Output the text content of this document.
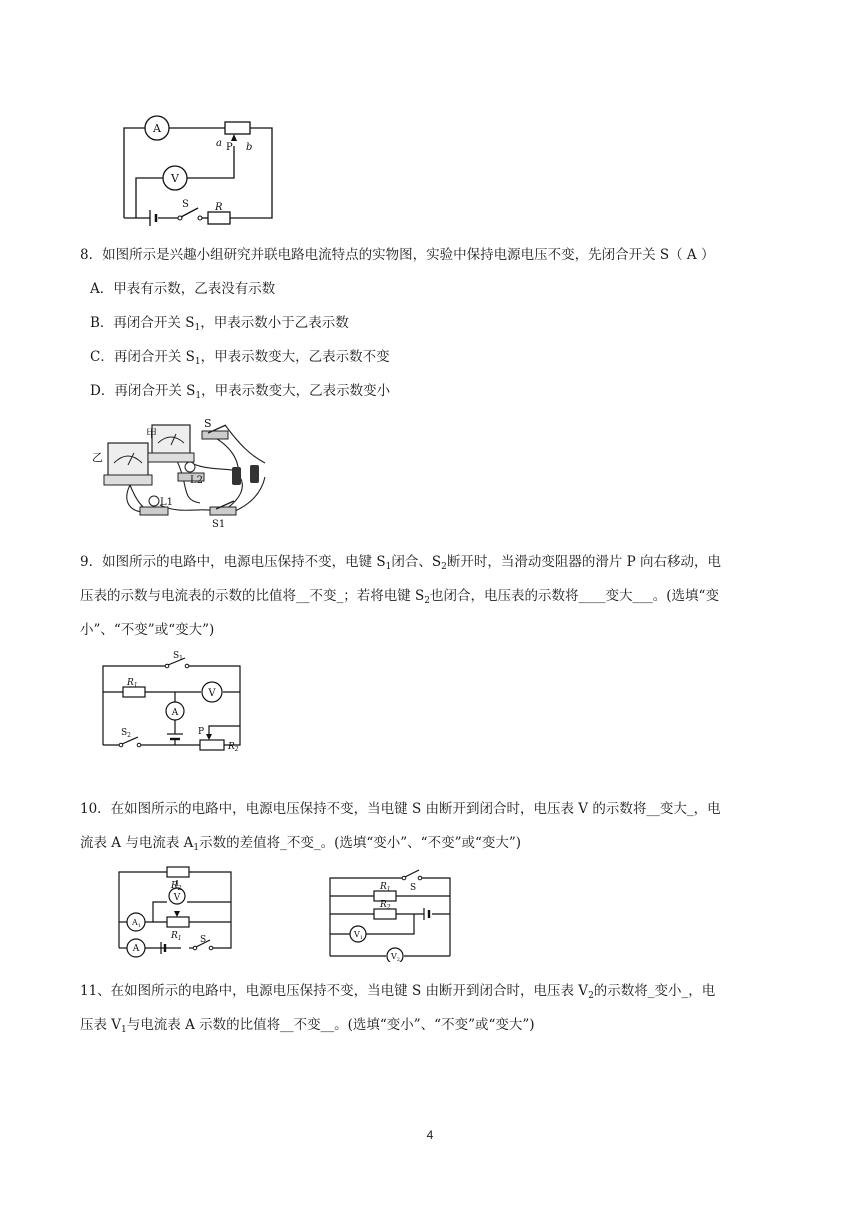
A
a P b
V
S	R
8．如图所示是兴趣小组研究并联电路电流特点的实物图，实验中保持电源电压不变，先闭合开关 S（ A ）
A．甲表有示数，乙表没有示数
B．再闭合开关 $S_1$，甲表示数小于乙表示数
C．再闭合开关 $S_1$，甲表示数变大，乙表示数不变
D．再闭合开关 $S_1$，甲表示数变大，乙表示数变小
甲
乙
S
L2
L1
S1
9．如图所示的电路中，电源电压保持不变，电键 $S_1$闭合、$S_2$断开时，当滑动变阻器的滑片 P 向右移动，电
压表的示数与电流表的示数的比值将__不变_；若将电键 $S_2$也闭合，电压表的示数将____变大___。(选填“变
小”、“不变”或“变大”)
$S_1$
$R_1$
V
A
$S_2$	P
$R_2$
10．在如图所示的电路中，电源电压保持不变，当电键 S 由断开到闭合时，电压表 V 的示数将__变大_，电
流表 A 与电流表 $A_1$示数的差值将_不变_。(选填“变小”、“不变”或“变大”)
$R_2$
V
$A_1$
$R_1$
A
S
S
$R_1$
$R_2$
$V_1$
$V_2$
11、在如图所示的电路中，电源电压保持不变，当电键 S 由断开到闭合时，电压表 $V_2$的示数将_变小_，电
压表 $V_1$与电流表 A 示数的比值将__不变__。(选填“变小”、“不变”或“变大”)
4
